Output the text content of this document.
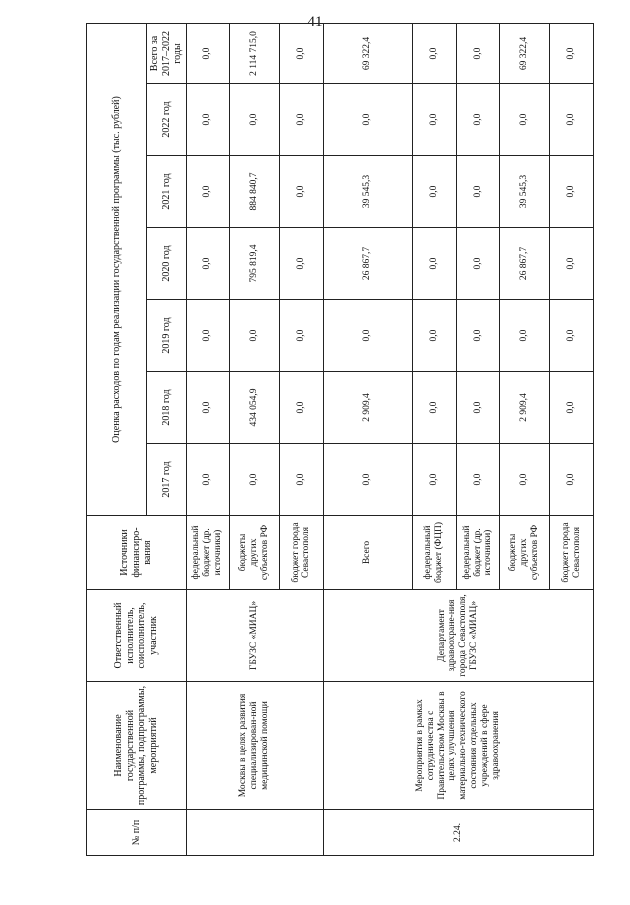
41
№ п/п	Наименование государственной программы, подпрограммы, мероприятий	Ответственный исполнитель, соисполнитель, участник	Источники финансиро-вания	Оценка расходов по годам реализации государственной программы (тыс. рублей)						
				2017 год	2018 год	2019 год	2020 год	2021 год	2022 год	Всего за 2017–2022 годы
	Москвы в целях развития специализирован-ной медицинской помощи	ГБУЗС «МИАЦ»	федеральный бюджет (др. источники)	0,0	0,0	0,0	0,0	0,0	0,0	0,0
			бюджеты других субъектов РФ	0,0	434 054,9	0,0	795 819,4	884 840,7	0,0	2 114 715,0
			бюджет города Севастополя	0,0	0,0	0,0	0,0	0,0	0,0	0,0
2.24.	Мероприятия в рамках сотрудничества с Правительством Москвы в целях улучшения материально-технического состояния отдельных учреждений в сфере здравоохранения	Департамент здравоохране-ния города Севастополя, ГБУЗС «МИАЦ»	Всего	0,0	2 909,4	0,0	26 867,7	39 545,3	0,0	69 322,4
			федеральный бюджет (ФЦП)	0,0	0,0	0,0	0,0	0,0	0,0	0,0
			федеральный бюджет (др. источники)	0,0	0,0	0,0	0,0	0,0	0,0	0,0
			бюджеты других субъектов РФ	0,0	2 909,4	0,0	26 867,7	39 545,3	0,0	69 322,4
			бюджет города Севастополя	0,0	0,0	0,0	0,0	0,0	0,0	0,0
